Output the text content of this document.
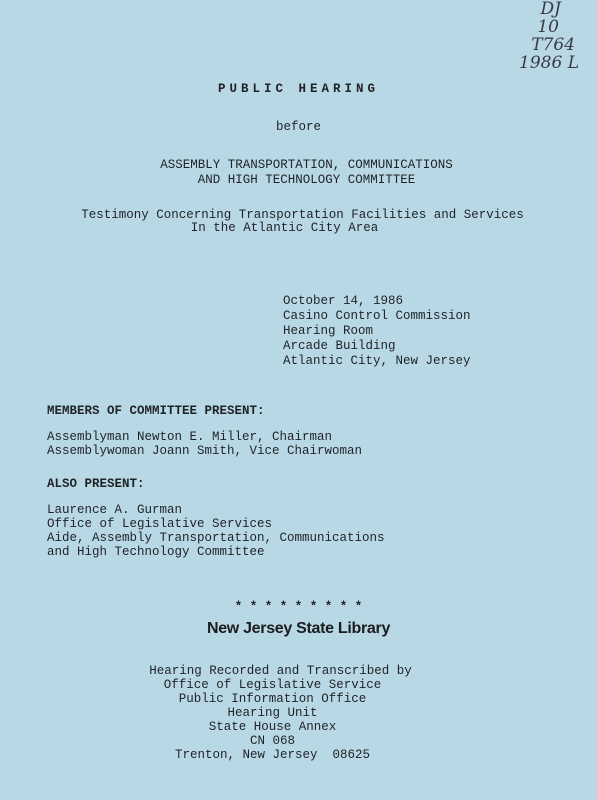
DJ
10
T764
1986 L
PUBLIC HEARING
before
ASSEMBLY TRANSPORTATION, COMMUNICATIONS
AND HIGH TECHNOLOGY COMMITTEE
Testimony Concerning Transportation Facilities and Services
In the Atlantic City Area
October 14, 1986
Casino Control Commission
Hearing Room
Arcade Building
Atlantic City, New Jersey
MEMBERS OF COMMITTEE PRESENT:
Assemblyman Newton E. Miller, Chairman
Assemblywoman Joann Smith, Vice Chairwoman
ALSO PRESENT:
Laurence A. Gurman
Office of Legislative Services
Aide, Assembly Transportation, Communications
and High Technology Committee
* * * * * * * * *
New Jersey State Library
Hearing Recorded and Transcribed by
Office of Legislative Service
Public Information Office
Hearing Unit
State House Annex
CN 068
Trenton, New Jersey  08625
